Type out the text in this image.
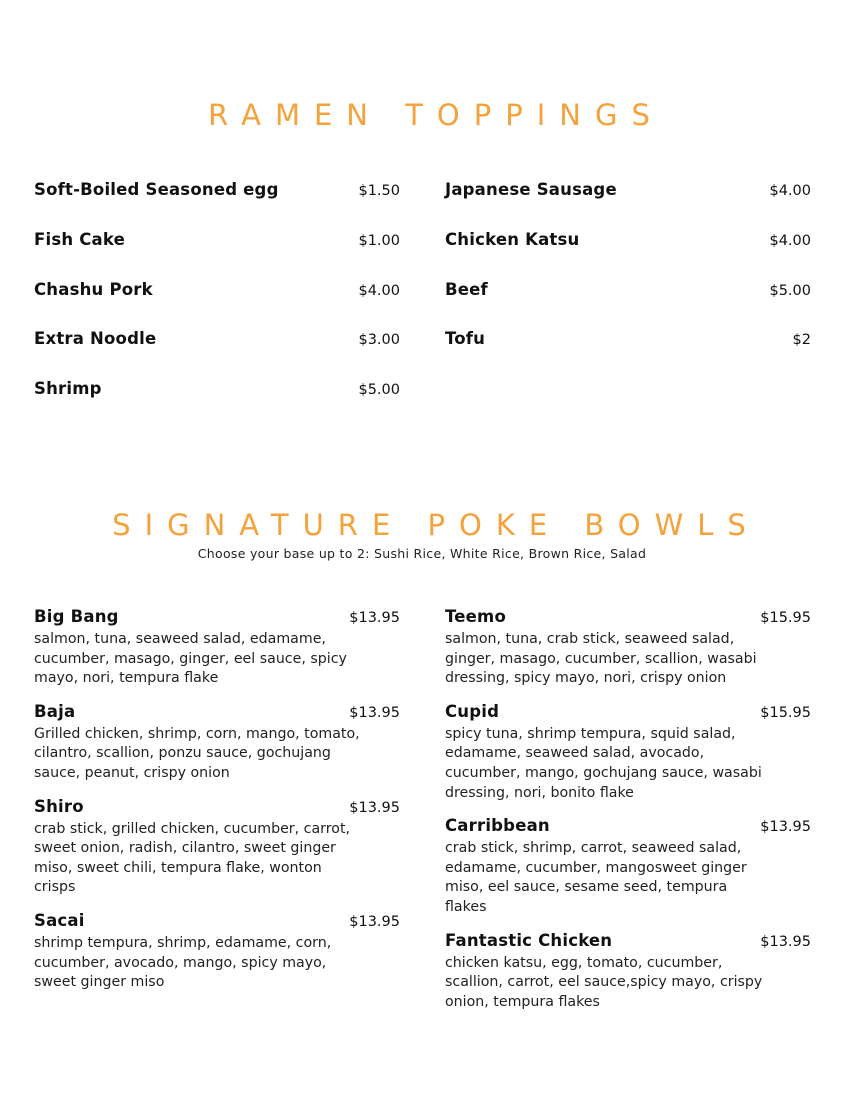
RAMEN TOPPINGS
Soft-Boiled Seasoned egg	$1.50
Fish Cake	$1.00
Chashu Pork	$4.00
Extra Noodle	$3.00
Shrimp	$5.00
Japanese Sausage	$4.00
Chicken Katsu	$4.00
Beef	$5.00
Tofu	$2
SIGNATURE POKE BOWLS
Choose your base up to 2: Sushi Rice, White Rice, Brown Rice, Salad
Big Bang	$13.95
salmon, tuna, seaweed salad, edamame, cucumber, masago, ginger, eel sauce, spicy mayo, nori, tempura flake
Baja	$13.95
Grilled chicken, shrimp, corn, mango, tomato, cilantro, scallion, ponzu sauce, gochujang sauce, peanut, crispy onion
Shiro	$13.95
crab stick, grilled chicken, cucumber, carrot, sweet onion, radish, cilantro, sweet ginger miso, sweet chili, tempura flake, wonton crisps
Sacai	$13.95
shrimp tempura, shrimp, edamame, corn, cucumber, avocado, mango, spicy mayo, sweet ginger miso
Teemo	$15.95
salmon, tuna, crab stick, seaweed salad, ginger, masago, cucumber, scallion, wasabi dressing, spicy mayo, nori, crispy onion
Cupid	$15.95
spicy tuna, shrimp tempura, squid salad, edamame, seaweed salad, avocado, cucumber, mango, gochujang sauce, wasabi dressing, nori, bonito flake
Carribbean	$13.95
crab stick, shrimp, carrot, seaweed salad, edamame, cucumber, mangosweet ginger miso, eel sauce, sesame seed, tempura flakes
Fantastic Chicken	$13.95
chicken katsu, egg, tomato, cucumber, scallion, carrot, eel sauce,spicy mayo, crispy onion, tempura flakes
